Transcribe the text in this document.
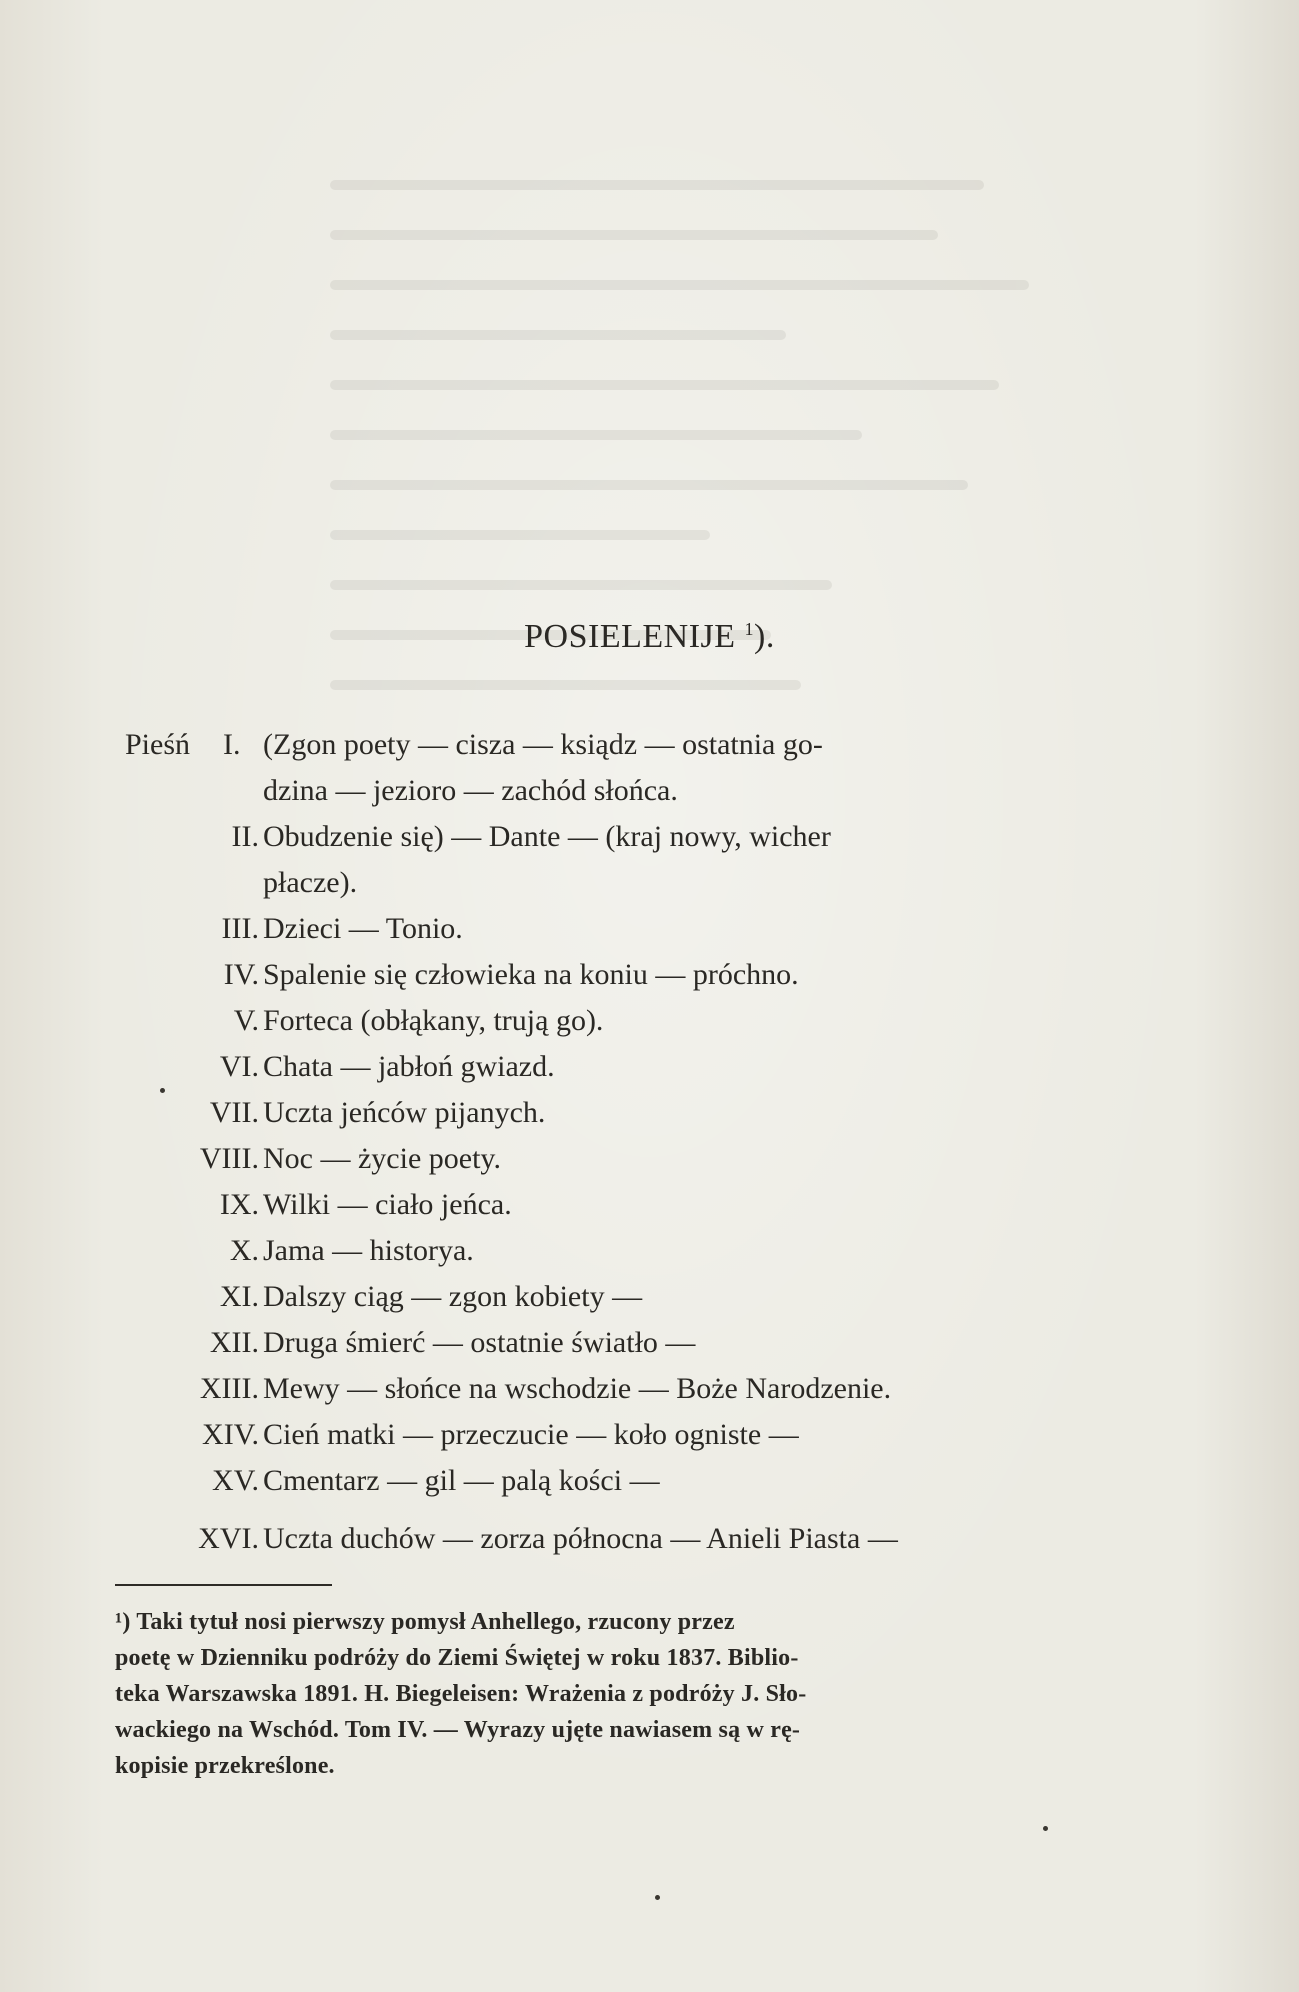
POSIELENIJE $^1$).
Pieśń I. (Zgon poety — cisza — ksiądz — ostatnia go-
dzina — jezioro — zachód słońca.
II. Obudzenie się) — Dante — (kraj nowy, wicher
płacze).
III. Dzieci — Tonio.
IV. Spalenie się człowieka na koniu — próchno.
V. Forteca (obłąkany, trują go).
VI. Chata — jabłoń gwiazd.
VII. Uczta jeńców pijanych.
VIII. Noc — życie poety.
IX. Wilki — ciało jeńca.
X. Jama — historya.
XI. Dalszy ciąg — zgon kobiety —
XII. Druga śmierć — ostatnie światło —
XIII. Mewy — słońce na wschodzie — Boże Narodzenie.
XIV. Cień matki — przeczucie — koło ogniste —
XV. Cmentarz — gil — palą kości —
XVI. Uczta duchów — zorza północna — Anieli Piasta —
¹) Taki tytuł nosi pierwszy pomysł Anhellego, rzucony przez
poetę w Dzienniku podróży do Ziemi Świętej w roku 1837. Biblio-
teka Warszawska 1891. H. Biegeleisen: Wrażenia z podróży J. Sło-
wackiego na Wschód. Tom IV. — Wyrazy ujęte nawiasem są w rę-
kopisie przekreślone.
